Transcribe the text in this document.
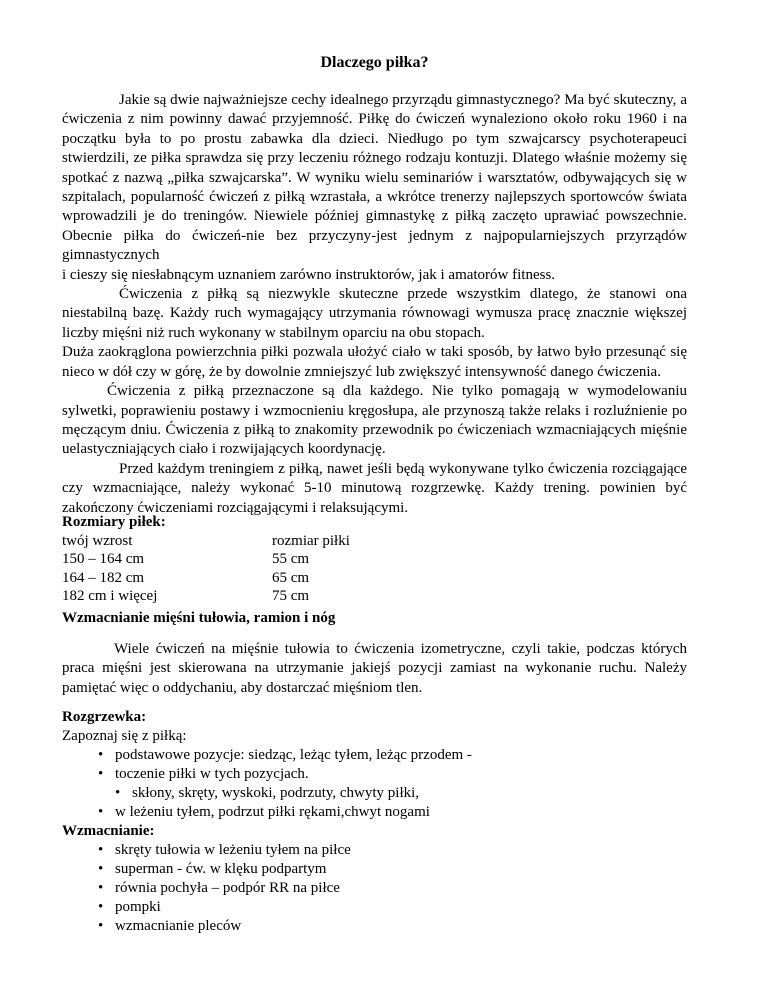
Dlaczego piłka?

Jakie są dwie najważniejsze cechy idealnego przyrządu gimnastycznego? Ma być skuteczny, a ćwiczenia z nim powinny dawać przyjemność. Piłkę do ćwiczeń wynaleziono około roku 1960 i na początku była to po prostu zabawka dla dzieci. Niedługo po tym szwajcarscy psychoterapeuci stwierdzili, ze piłka sprawdza się przy leczeniu różnego rodzaju kontuzji. Dlatego właśnie możemy się spotkać z nazwą „piłka szwajcarska”. W wyniku wielu seminariów i warsztatów, odbywających się w szpitalach, popularność ćwiczeń z piłką wzrastała, a wkrótce trenerzy najlepszych sportowców świata wprowadzili je do treningów. Niewiele później gimnastykę z piłką zaczęto uprawiać powszechnie. Obecnie piłka do ćwiczeń-nie bez przyczyny-jest jednym z najpopularniejszych przyrządów gimnastycznych

i cieszy się niesłabnącym uznaniem zarówno instruktorów, jak i amatorów fitness.

Ćwiczenia z piłką są niezwykle skuteczne przede wszystkim dlatego, że stanowi ona niestabilną bazę. Każdy ruch wymagający utrzymania równowagi wymusza pracę znacznie większej liczby mięśni niż ruch wykonany w stabilnym oparciu na obu stopach.

Duża zaokrąglona powierzchnia piłki pozwala ułożyć ciało w taki sposób, by łatwo było przesunąć się nieco w dół czy w górę, że by dowolnie zmniejszyć lub zwiększyć intensywność danego ćwiczenia.

Ćwiczenia z piłką przeznaczone są dla każdego. Nie tylko pomagają w wymodelowaniu sylwetki, poprawieniu postawy i wzmocnieniu kręgosłupa, ale przynoszą także relaks i rozluźnienie po męczącym dniu. Ćwiczenia z piłką to znakomity przewodnik po ćwiczeniach wzmacniających mięśnie uelastyczniających ciało i rozwijających koordynację.

Przed każdym treningiem z piłką, nawet jeśli będą wykonywane tylko ćwiczenia rozciągające czy wzmacniające, należy wykonać 5-10 minutową rozgrzewkę. Każdy trening. powinien być zakończony ćwiczeniami rozciągającymi i relaksującymi.

Rozmiary piłek:
twój wzrost	rozmiar piłki
150 – 164 cm	55 cm
164 – 182 cm	65 cm
182 cm i więcej	75 cm
Wzmacnianie mięśni tułowia, ramion i nóg

Wiele ćwiczeń na mięśnie tułowia to ćwiczenia izometryczne, czyli takie, podczas których praca mięśni jest skierowana na utrzymanie jakiejś pozycji zamiast na wykonanie ruchu. Należy pamiętać więc o oddychaniu, aby dostarczać mięśniom tlen.

Rozgrzewka:
Zapoznaj się z piłką:
• podstawowe pozycje: siedząc, leżąc tyłem, leżąc przodem -
• toczenie piłki w tych pozycjach.
• skłony, skręty, wyskoki, podrzuty, chwyty piłki,
• w leżeniu tyłem, podrzut piłki rękami,chwyt nogami
Wzmacnianie:
• skręty tułowia w leżeniu tyłem na piłce
• superman - ćw. w klęku podpartym
• równia pochyła – podpór RR na piłce
• pompki
• wzmacnianie pleców
